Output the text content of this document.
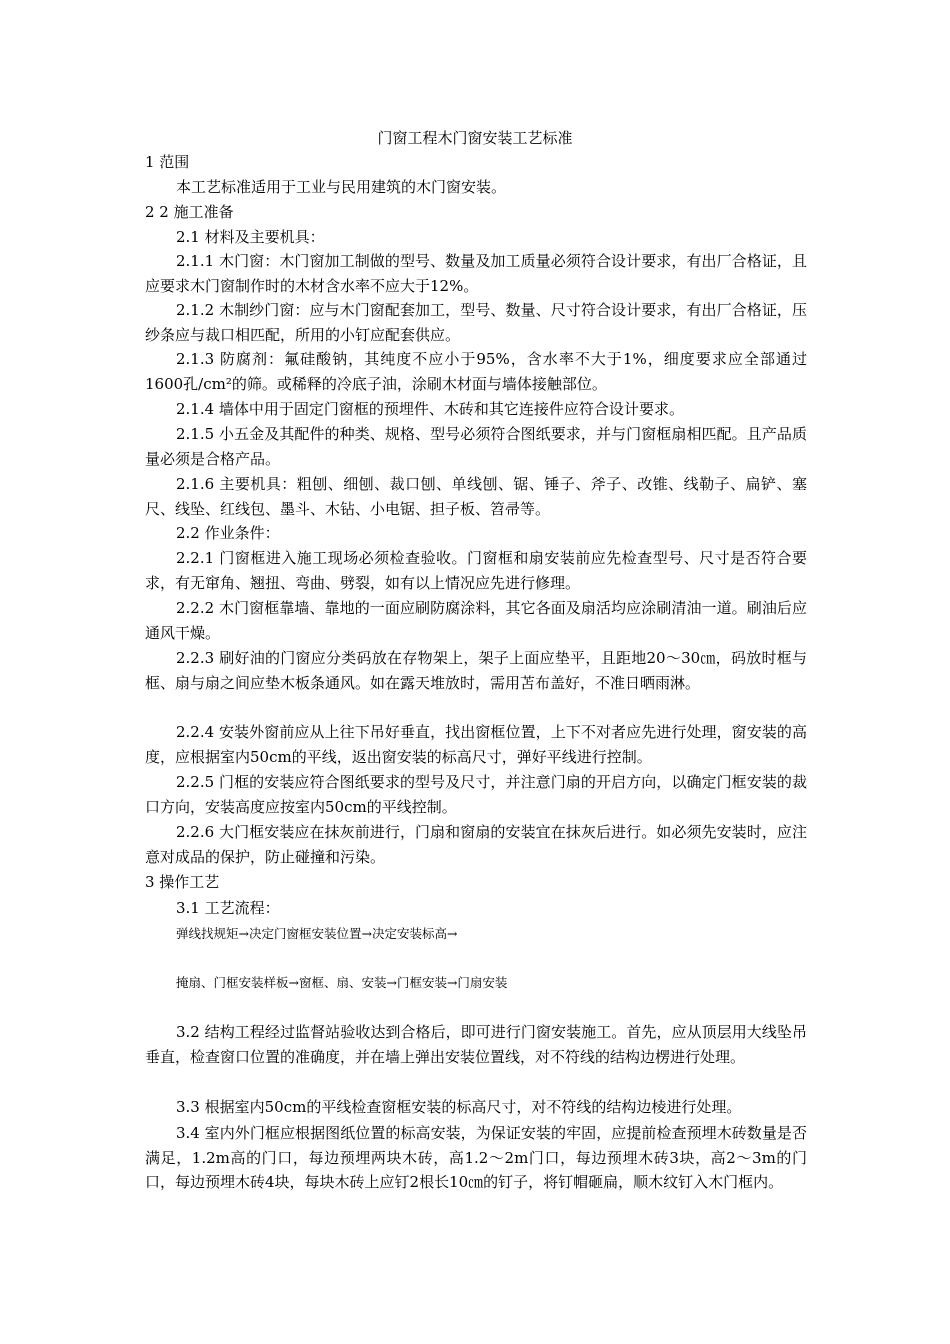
门窗工程木门窗安装工艺标准

1 范围

本工艺标准适用于工业与民用建筑的木门窗安装。

2 2 施工准备

2.1 材料及主要机具：

2.1.1 木门窗：木门窗加工制做的型号、数量及加工质量必须符合设计要求，有出厂合格证，且应要求木门窗制作时的木材含水率不应大于12%。

2.1.2 木制纱门窗：应与木门窗配套加工，型号、数量、尺寸符合设计要求，有出厂合格证，压纱条应与裁口相匹配，所用的小钉应配套供应。

2.1.3 防腐剂：氟硅酸钠，其纯度不应小于95%，含水率不大于1%，细度要求应全部通过1600孔/cm²的筛。或稀释的冷底子油，涂刷木材面与墙体接触部位。

2.1.4 墙体中用于固定门窗框的预埋件、木砖和其它连接件应符合设计要求。

2.1.5 小五金及其配件的种类、规格、型号必须符合图纸要求，并与门窗框扇相匹配。且产品质量必须是合格产品。

2.1.6 主要机具：粗刨、细刨、裁口刨、单线刨、锯、锤子、斧子、改锥、线勒子、扁铲、塞尺、线坠、红线包、墨斗、木钻、小电锯、担子板、笤帚等。

2.2 作业条件：

2.2.1 门窗框进入施工现场必须检查验收。门窗框和扇安装前应先检查型号、尺寸是否符合要求，有无窜角、翘扭、弯曲、劈裂，如有以上情况应先进行修理。

2.2.2 木门窗框靠墙、靠地的一面应刷防腐涂料，其它各面及扇活均应涂刷清油一道。刷油后应通风干燥。

2.2.3 刷好油的门窗应分类码放在存物架上，架子上面应垫平，且距地20～30㎝，码放时框与框、扇与扇之间应垫木板条通风。如在露天堆放时，需用苫布盖好，不准日晒雨淋。

2.2.4 安装外窗前应从上往下吊好垂直，找出窗框位置，上下不对者应先进行处理，窗安装的高度，应根据室内50cm的平线，返出窗安装的标高尺寸，弹好平线进行控制。

2.2.5 门框的安装应符合图纸要求的型号及尺寸，并注意门扇的开启方向，以确定门框安装的裁口方向，安装高度应按室内50cm的平线控制。

2.2.6 大门框安装应在抹灰前进行，门扇和窗扇的安装宜在抹灰后进行。如必须先安装时，应注意对成品的保护，防止碰撞和污染。

3 操作工艺

3.1 工艺流程：

弹线找规矩→决定门窗框安装位置→决定安装标高→
掩扇、门框安装样板→窗框、扇、安装→门框安装→门扇安装

3.2 结构工程经过监督站验收达到合格后，即可进行门窗安装施工。首先，应从顶层用大线坠吊垂直，检查窗口位置的准确度，并在墙上弹出安装位置线，对不符线的结构边楞进行处理。

3.3 根据室内50cm的平线检查窗框安装的标高尺寸，对不符线的结构边棱进行处理。

3.4 室内外门框应根据图纸位置的标高安装，为保证安装的牢固，应提前检查预埋木砖数量是否满足，1.2m高的门口，每边预埋两块木砖，高1.2～2m门口，每边预埋木砖3块，高2～3m的门口，每边预埋木砖4块，每块木砖上应钉2根长10㎝的钉子，将钉帽砸扁，顺木纹钉入木门框内。
